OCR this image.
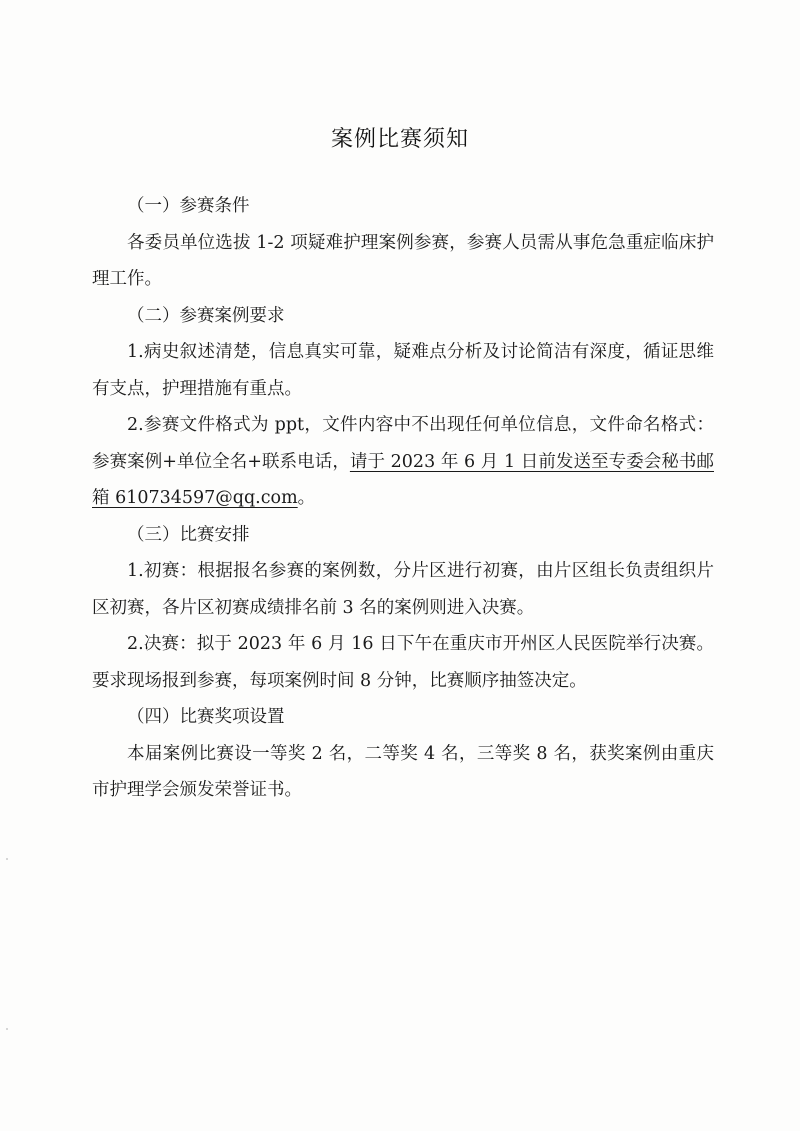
案例比赛须知

（一）参赛条件

各委员单位选拔 1-2 项疑难护理案例参赛，参赛人员需从事危急重症临床护理工作。

（二）参赛案例要求

1.病史叙述清楚，信息真实可靠，疑难点分析及讨论简洁有深度，循证思维有支点，护理措施有重点。

2.参赛文件格式为 ppt，文件内容中不出现任何单位信息，文件命名格式：参赛案例+单位全名+联系电话，请于 2023 年 6 月 1 日前发送至专委会秘书邮箱 610734597@qq.com。

（三）比赛安排

1.初赛：根据报名参赛的案例数，分片区进行初赛，由片区组长负责组织片区初赛，各片区初赛成绩排名前 3 名的案例则进入决赛。

2.决赛：拟于 2023 年 6 月 16 日下午在重庆市开州区人民医院举行决赛。要求现场报到参赛，每项案例时间 8 分钟，比赛顺序抽签决定。

（四）比赛奖项设置

本届案例比赛设一等奖 2 名，二等奖 4 名，三等奖 8 名，获奖案例由重庆市护理学会颁发荣誉证书。
